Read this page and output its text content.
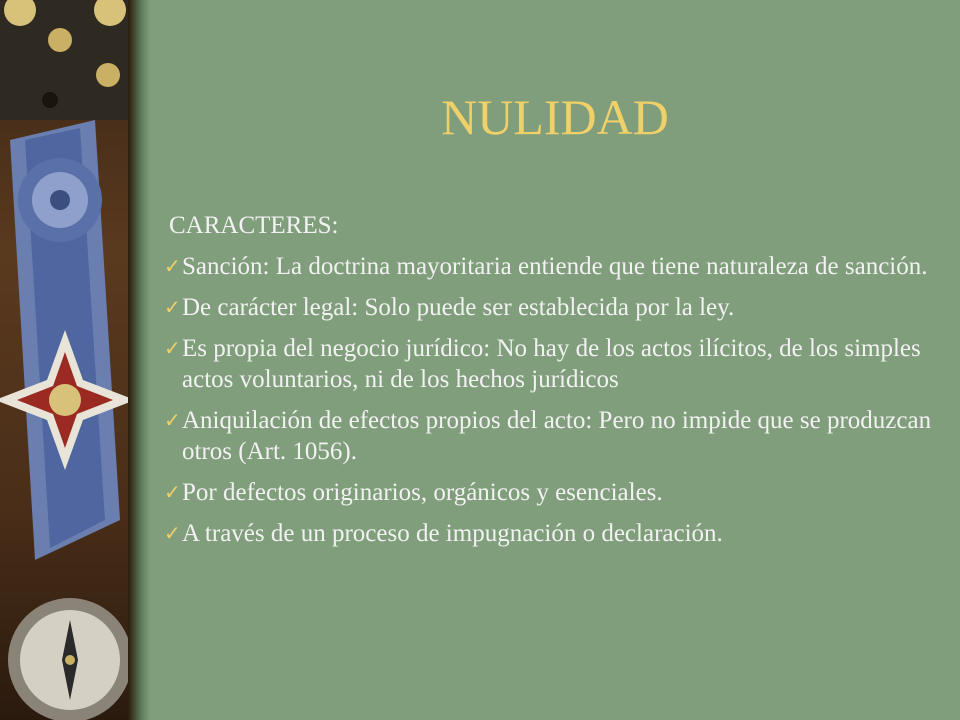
NULIDAD
CARACTERES:
✓ Sanción: La doctrina mayoritaria entiende que tiene naturaleza de sanción.
✓ De carácter legal: Solo puede ser establecida por la ley.
✓ Es propia del negocio jurídico: No hay de los actos ilícitos, de los simples actos voluntarios, ni de los hechos jurídicos
✓ Aniquilación de efectos propios del acto: Pero no impide que se produzcan otros (Art. 1056).
✓ Por defectos originarios, orgánicos y esenciales.
✓ A través de un proceso de impugnación o declaración.
